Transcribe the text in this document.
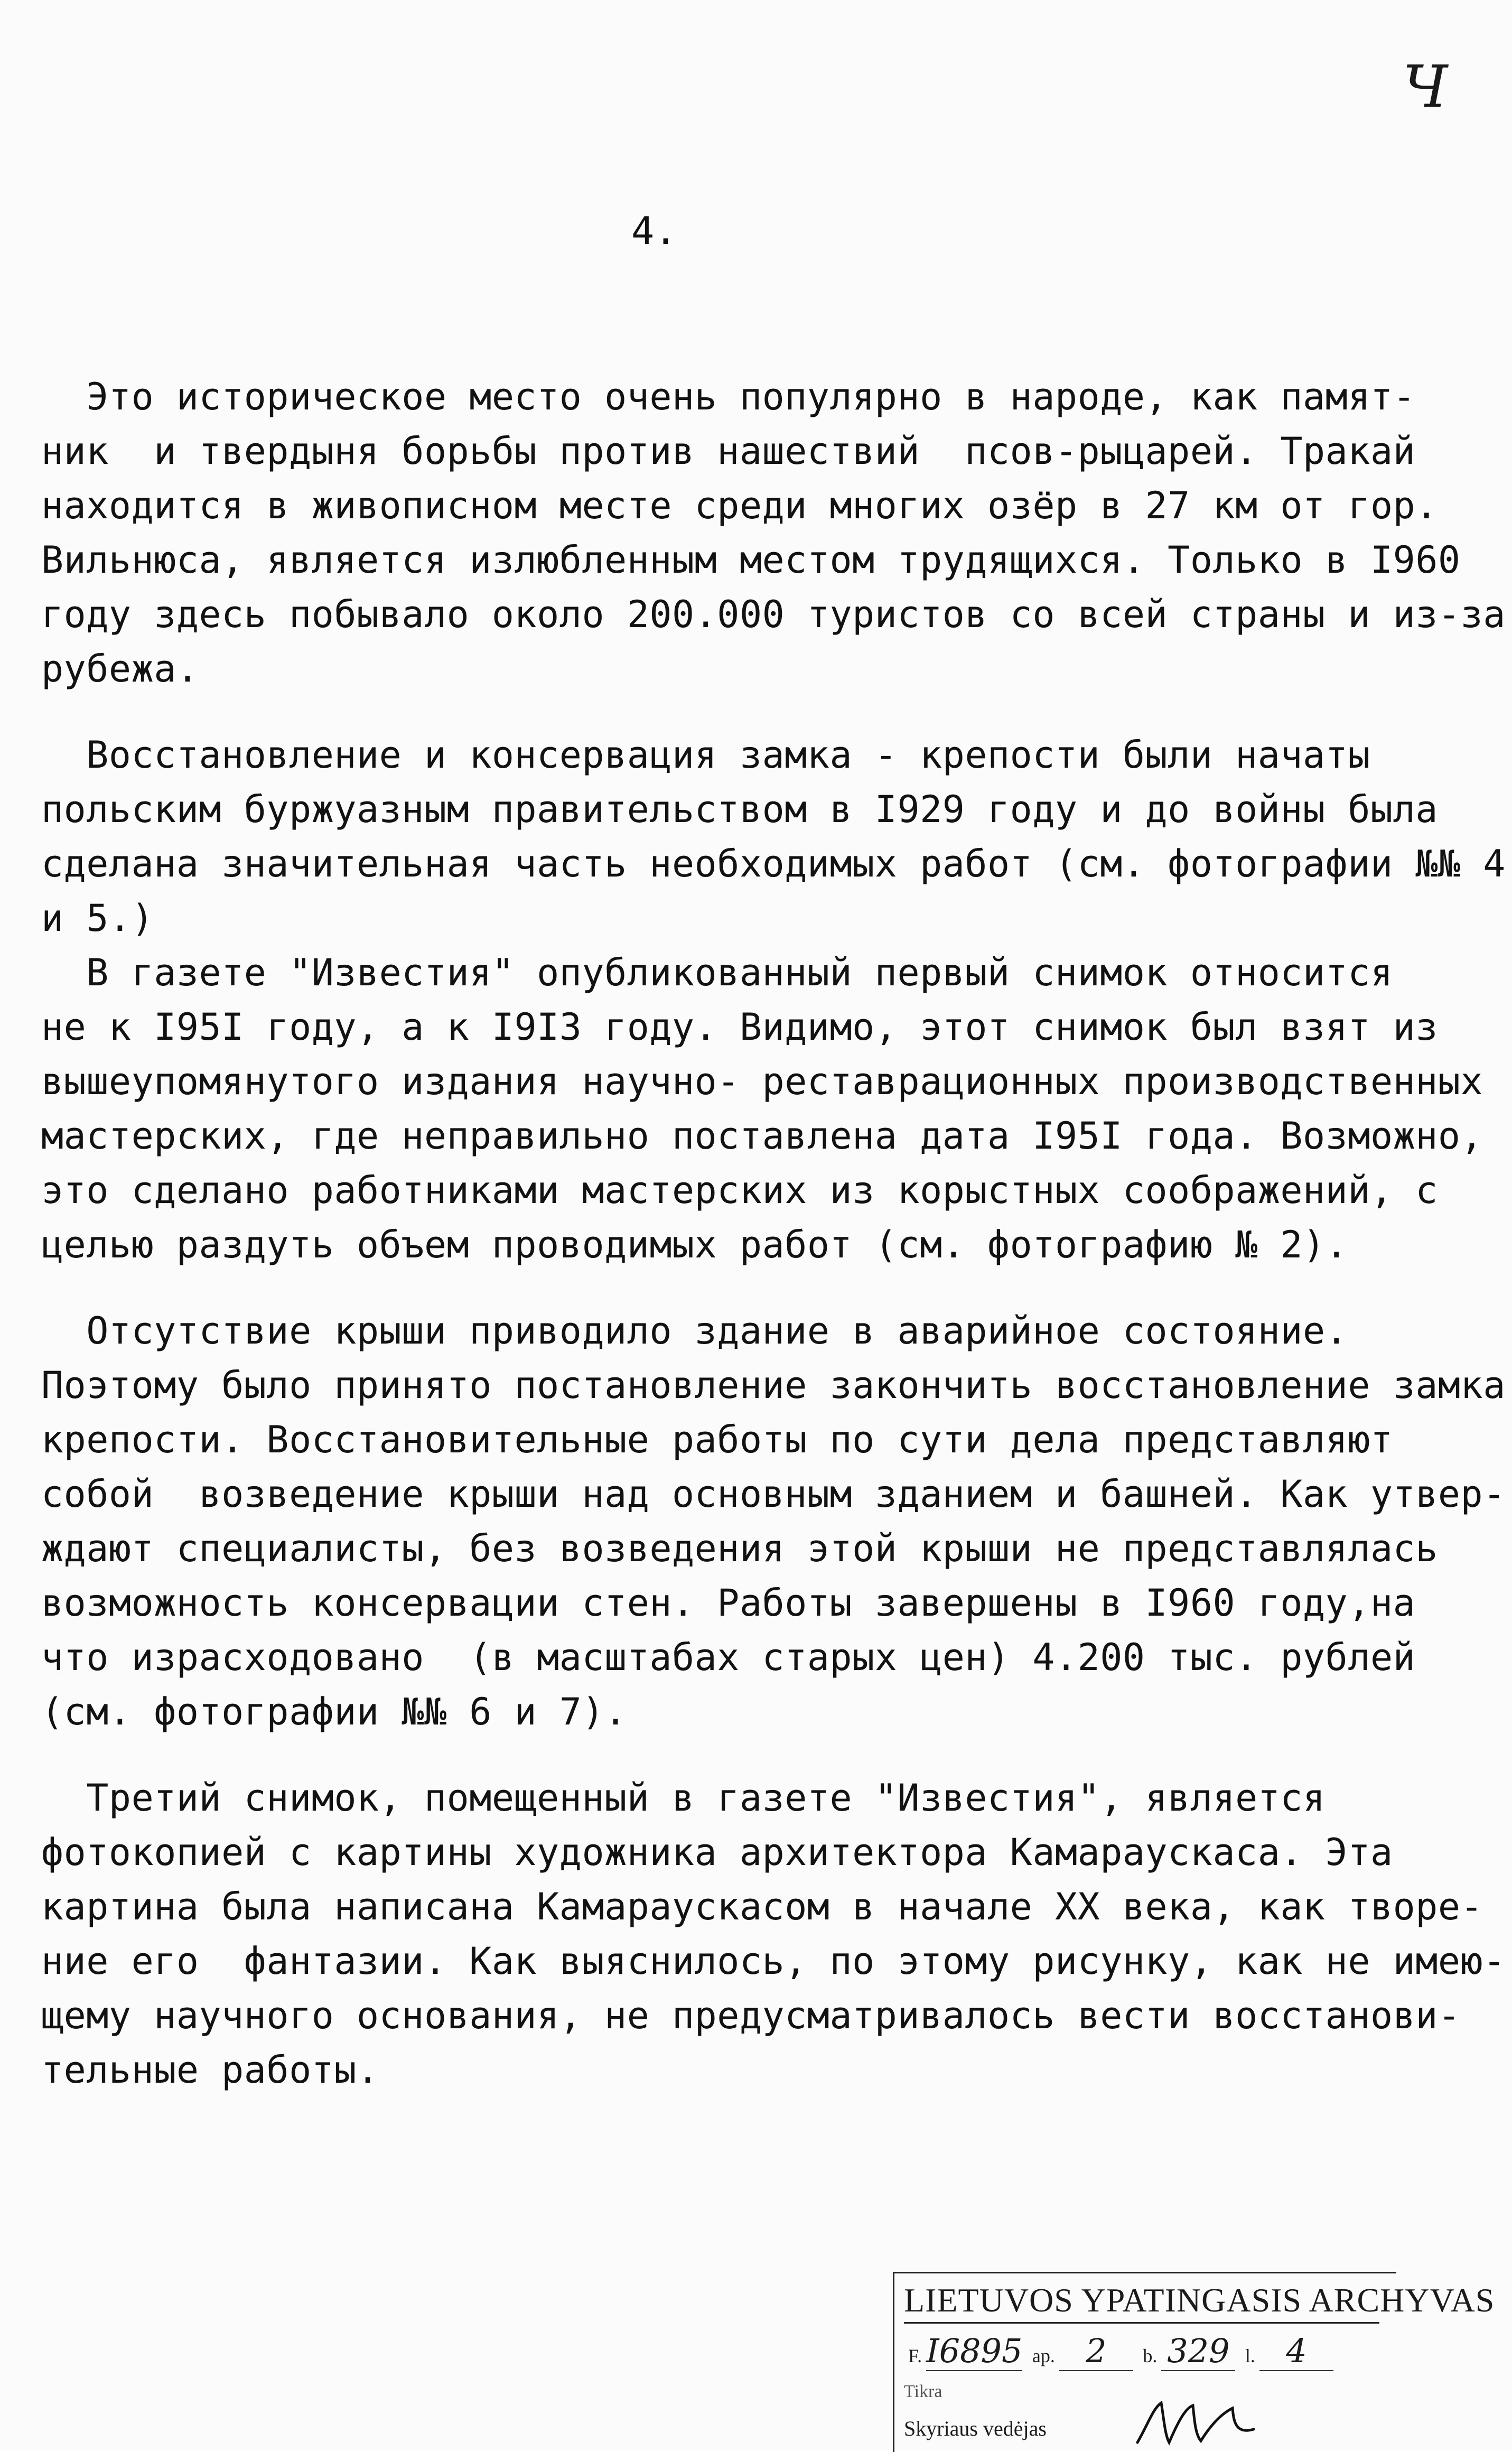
Ч
4.

Это историческое место очень популярно в народе, как памят-
ник  и твердыня борьбы против нашествий  псов-рыцарей. Тракай
находится в живописном месте среди многих озёр в 27 км от гор.
Вильнюса, является излюбленным местом трудящихся. Только в I960
году здесь побывало около 200.000 туристов со всей страны и из-за
рубежа.

Восстановление и консервация замка - крепости были начаты
польским буржуазным правительством в I929 году и до войны была
сделана значительная часть необходимых работ (см. фотографии №№ 4
и 5.)

В газете "Известия" опубликованный первый снимок относится
не к I95I году, а к I9I3 году. Видимо, этот снимок был взят из
вышеупомянутого издания научно- реставрационных производственных
мастерских, где неправильно поставлена дата I95I года. Возможно,
это сделано работниками мастерских из корыстных соображений, с
целью раздуть объем проводимых работ (см. фотографию № 2).

Отсутствие крыши приводило здание в аварийное состояние.
Поэтому было принято постановление закончить восстановление замка
крепости. Восстановительные работы по сути дела представляют
собой  возведение крыши над основным зданием и башней. Как утвер-
ждают специалисты, без возведения этой крыши не представлялась
возможность консервации стен. Работы завершены в I960 году,на
что израсходовано  (в масштабах старых цен) 4.200 тыс. рублей
(см. фотографии №№ 6 и 7).

Третий снимок, помещенный в газете "Известия", является
фотокопией с картины художника архитектора Камараускаса. Эта
картина была написана Камараускасом в начале XX века, как творе-
ние его  фантазии. Как выяснилось, по этому рисунку, как не имею-
щему научного основания, не предусматривалось вести восстанови-
тельные работы.

LIETUVOS YPATINGASIS ARCHYVAS
F. I6895 ap. 2 b. 329 l. 4
Tikra
Skyriaus vedėjas
